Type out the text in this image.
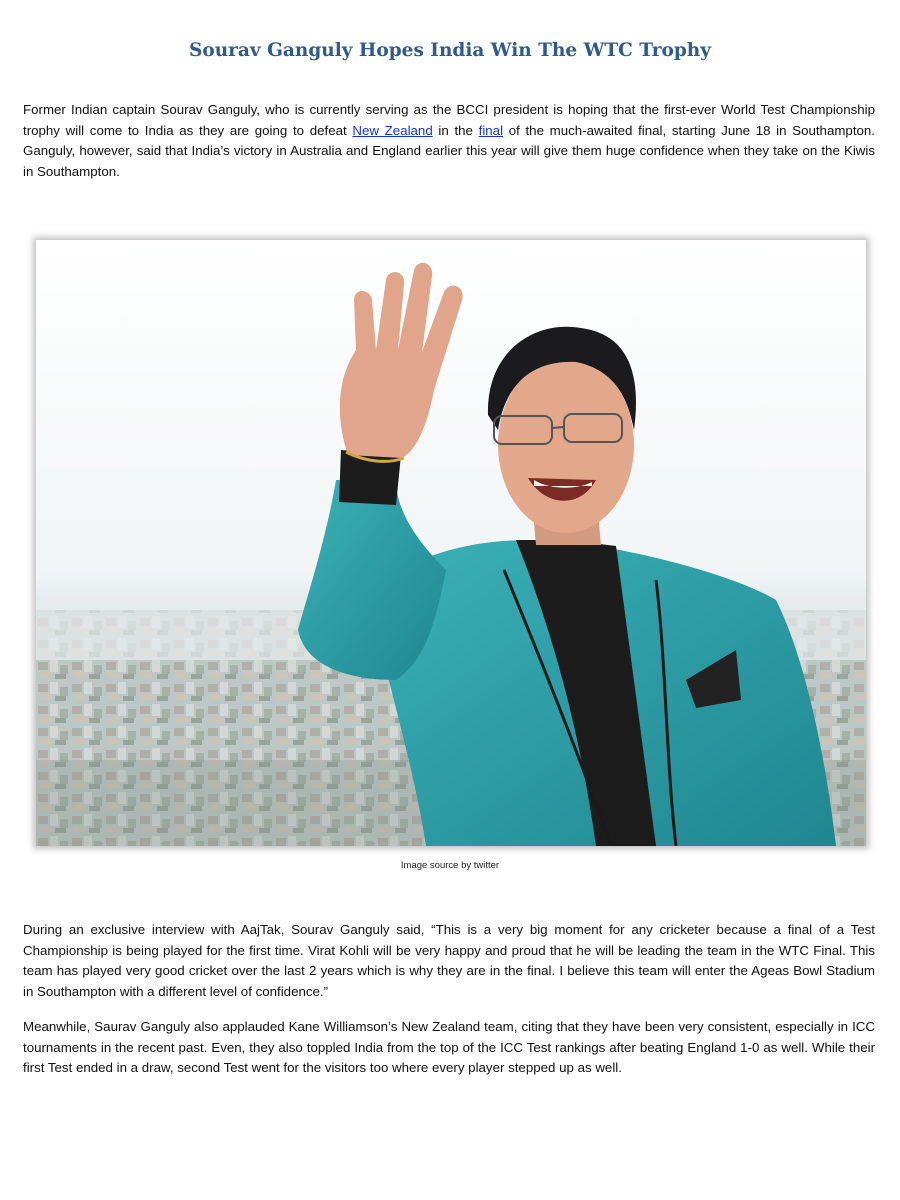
Sourav Ganguly Hopes India Win The WTC Trophy

Former Indian captain Sourav Ganguly, who is currently serving as the BCCI president is hoping that the first-ever World Test Championship trophy will come to India as they are going to defeat New Zealand in the final of the much-awaited final, starting June 18 in Southampton. Ganguly, however, said that India’s victory in Australia and England earlier this year will give them huge confidence when they take on the Kiwis in Southampton.

Image source by twitter

During an exclusive interview with AajTak, Sourav Ganguly said, “This is a very big moment for any cricketer because a final of a Test Championship is being played for the first time. Virat Kohli will be very happy and proud that he will be leading the team in the WTC Final. This team has played very good cricket over the last 2 years which is why they are in the final. I believe this team will enter the Ageas Bowl Stadium in Southampton with a different level of confidence.”

Meanwhile, Saurav Ganguly also applauded Kane Williamson’s New Zealand team, citing that they have been very consistent, especially in ICC tournaments in the recent past. Even, they also toppled India from the top of the ICC Test rankings after beating England 1-0 as well. While their first Test ended in a draw, second Test went for the visitors too where every player stepped up as well.
